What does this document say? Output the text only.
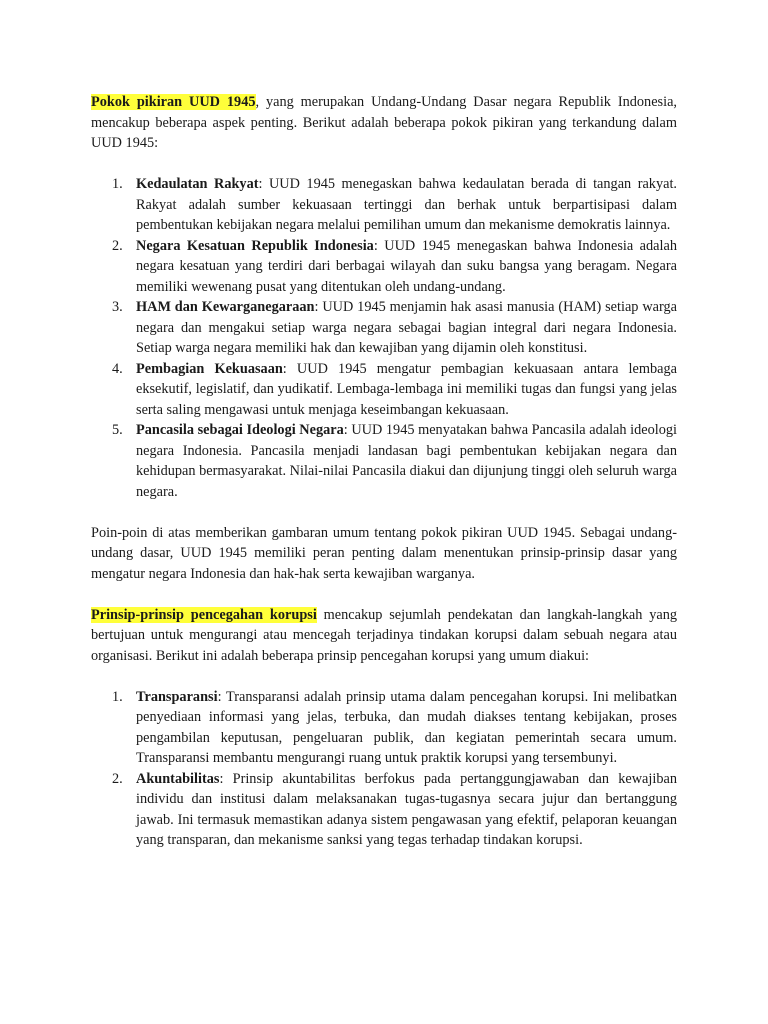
Pokok pikiran UUD 1945, yang merupakan Undang-Undang Dasar negara Republik Indonesia, mencakup beberapa aspek penting. Berikut adalah beberapa pokok pikiran yang terkandung dalam UUD 1945:

1. Kedaulatan Rakyat: UUD 1945 menegaskan bahwa kedaulatan berada di tangan rakyat. Rakyat adalah sumber kekuasaan tertinggi dan berhak untuk berpartisipasi dalam pembentukan kebijakan negara melalui pemilihan umum dan mekanisme demokratis lainnya.
2. Negara Kesatuan Republik Indonesia: UUD 1945 menegaskan bahwa Indonesia adalah negara kesatuan yang terdiri dari berbagai wilayah dan suku bangsa yang beragam. Negara memiliki wewenang pusat yang ditentukan oleh undang-undang.
3. HAM dan Kewarganegaraan: UUD 1945 menjamin hak asasi manusia (HAM) setiap warga negara dan mengakui setiap warga negara sebagai bagian integral dari negara Indonesia. Setiap warga negara memiliki hak dan kewajiban yang dijamin oleh konstitusi.
4. Pembagian Kekuasaan: UUD 1945 mengatur pembagian kekuasaan antara lembaga eksekutif, legislatif, dan yudikatif. Lembaga-lembaga ini memiliki tugas dan fungsi yang jelas serta saling mengawasi untuk menjaga keseimbangan kekuasaan.
5. Pancasila sebagai Ideologi Negara: UUD 1945 menyatakan bahwa Pancasila adalah ideologi negara Indonesia. Pancasila menjadi landasan bagi pembentukan kebijakan negara dan kehidupan bermasyarakat. Nilai-nilai Pancasila diakui dan dijunjung tinggi oleh seluruh warga negara.

Poin-poin di atas memberikan gambaran umum tentang pokok pikiran UUD 1945. Sebagai undang-undang dasar, UUD 1945 memiliki peran penting dalam menentukan prinsip-prinsip dasar yang mengatur negara Indonesia dan hak-hak serta kewajiban warganya.

Prinsip-prinsip pencegahan korupsi mencakup sejumlah pendekatan dan langkah-langkah yang bertujuan untuk mengurangi atau mencegah terjadinya tindakan korupsi dalam sebuah negara atau organisasi. Berikut ini adalah beberapa prinsip pencegahan korupsi yang umum diakui:

1. Transparansi: Transparansi adalah prinsip utama dalam pencegahan korupsi. Ini melibatkan penyediaan informasi yang jelas, terbuka, dan mudah diakses tentang kebijakan, proses pengambilan keputusan, pengeluaran publik, dan kegiatan pemerintah secara umum. Transparansi membantu mengurangi ruang untuk praktik korupsi yang tersembunyi.
2. Akuntabilitas: Prinsip akuntabilitas berfokus pada pertanggungjawaban dan kewajiban individu dan institusi dalam melaksanakan tugas-tugasnya secara jujur dan bertanggung jawab. Ini termasuk memastikan adanya sistem pengawasan yang efektif, pelaporan keuangan yang transparan, dan mekanisme sanksi yang tegas terhadap tindakan korupsi.
